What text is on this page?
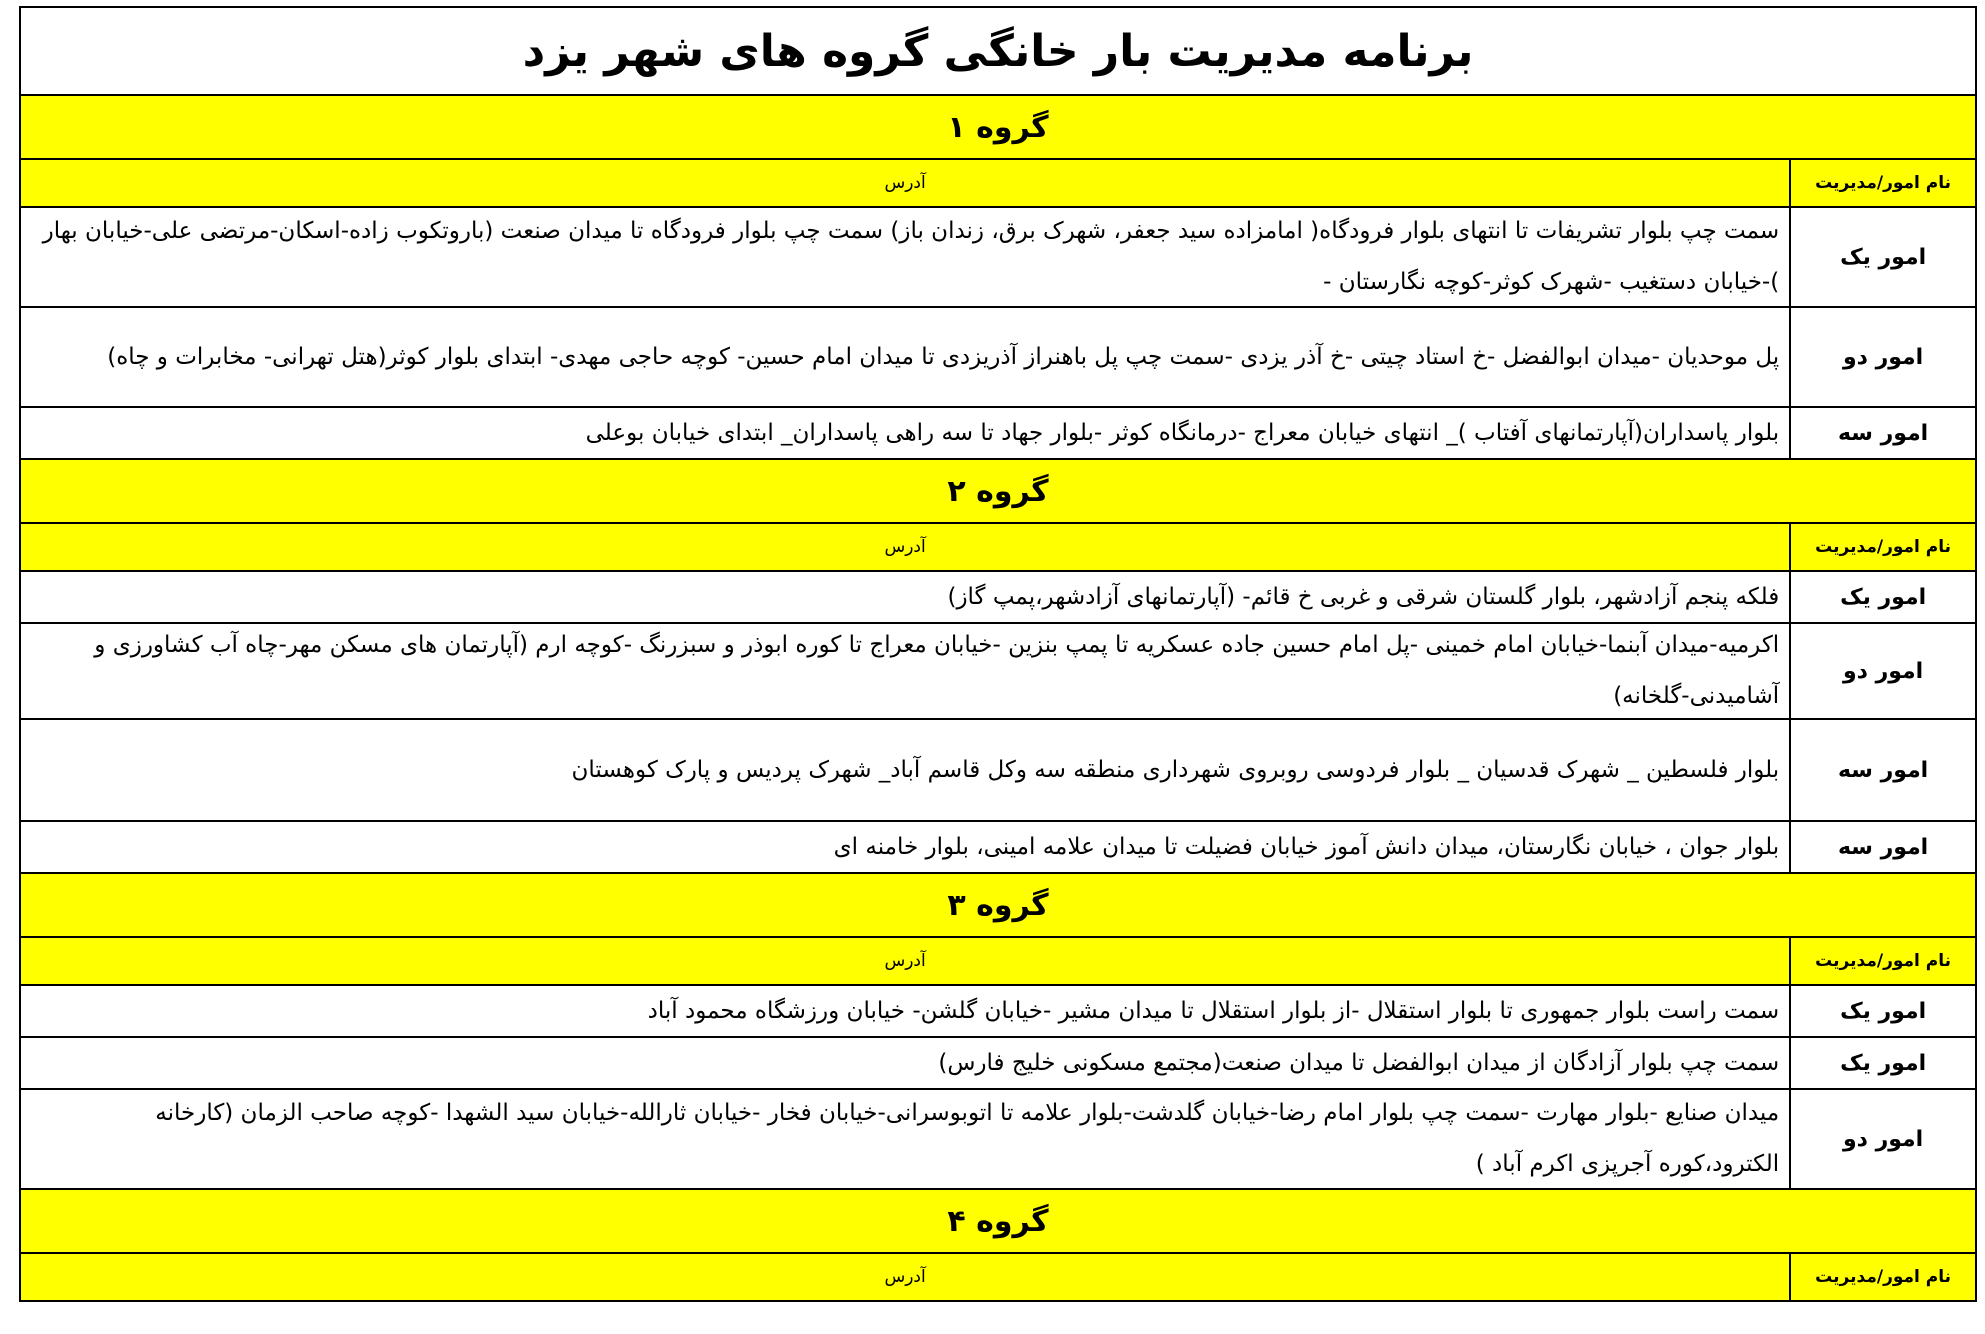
برنامه مدیریت بار خانگی گروه های شهر یزد
گروه ۱
نام امور/مدیریت
آدرس
امور یک
سمت چپ بلوار تشریفات تا انتهای بلوار فرودگاه( امامزاده سید جعفر، شهرک برق، زندان باز) سمت چپ بلوار فرودگاه تا میدان صنعت (باروتکوب زاده-اسکان-مرتضی علی-خیابان بهار )-خیابان دستغیب -شهرک کوثر-کوچه نگارستان -
امور دو
پل موحدیان -میدان ابوالفضل -خ استاد چیتی -خ آذر یزدی -سمت چپ پل باهنراز آذریزدی تا میدان امام حسین- کوچه حاجی مهدی- ابتدای بلوار کوثر(هتل تهرانی- مخابرات و چاه)
امور سه
بلوار پاسداران(آپارتمانهای آفتاب )_ انتهای خیابان معراج -درمانگاه کوثر -بلوار جهاد تا سه راهی پاسداران_ ابتدای خیابان بوعلی
گروه ۲
نام امور/مدیریت
آدرس
امور یک
فلکه پنجم آزادشهر، بلوار گلستان شرقی و غربی خ قائم- (آپارتمانهای آزادشهر،پمپ گاز)
امور دو
اکرمیه-میدان آبنما-خیابان امام خمینی -پل امام حسین جاده عسکریه تا پمپ بنزین -خیابان معراج تا کوره ابوذر و سبزرنگ -کوچه ارم (آپارتمان های مسکن مهر-چاه آب کشاورزی و آشامیدنی-گلخانه)
امور سه
بلوار فلسطین _ شهرک قدسیان _ بلوار فردوسی روبروی شهرداری منطقه سه وکل قاسم آباد_ شهرک پردیس و پارک کوهستان
امور سه
بلوار جوان ، خیابان نگارستان، میدان دانش آموز خیابان فضیلت تا میدان علامه امینی، بلوار خامنه ای
گروه ۳
نام امور/مدیریت
آدرس
امور یک
سمت راست بلوار جمهوری تا بلوار استقلال -از بلوار استقلال تا میدان مشیر -خیابان گلشن- خیابان ورزشگاه محمود آباد
امور یک
سمت چپ بلوار آزادگان از میدان ابوالفضل تا میدان صنعت(مجتمع مسکونی خلیج فارس)
امور دو
میدان صنایع -بلوار مهارت -سمت چپ بلوار امام رضا-خیابان گلدشت-بلوار علامه تا اتوبوسرانی-خیابان فخار -خیابان ثارالله-خیابان سید الشهدا -کوچه صاحب الزمان (کارخانه الکترود،کوره آجرپزی اکرم آباد )
گروه ۴
نام امور/مدیریت
آدرس
